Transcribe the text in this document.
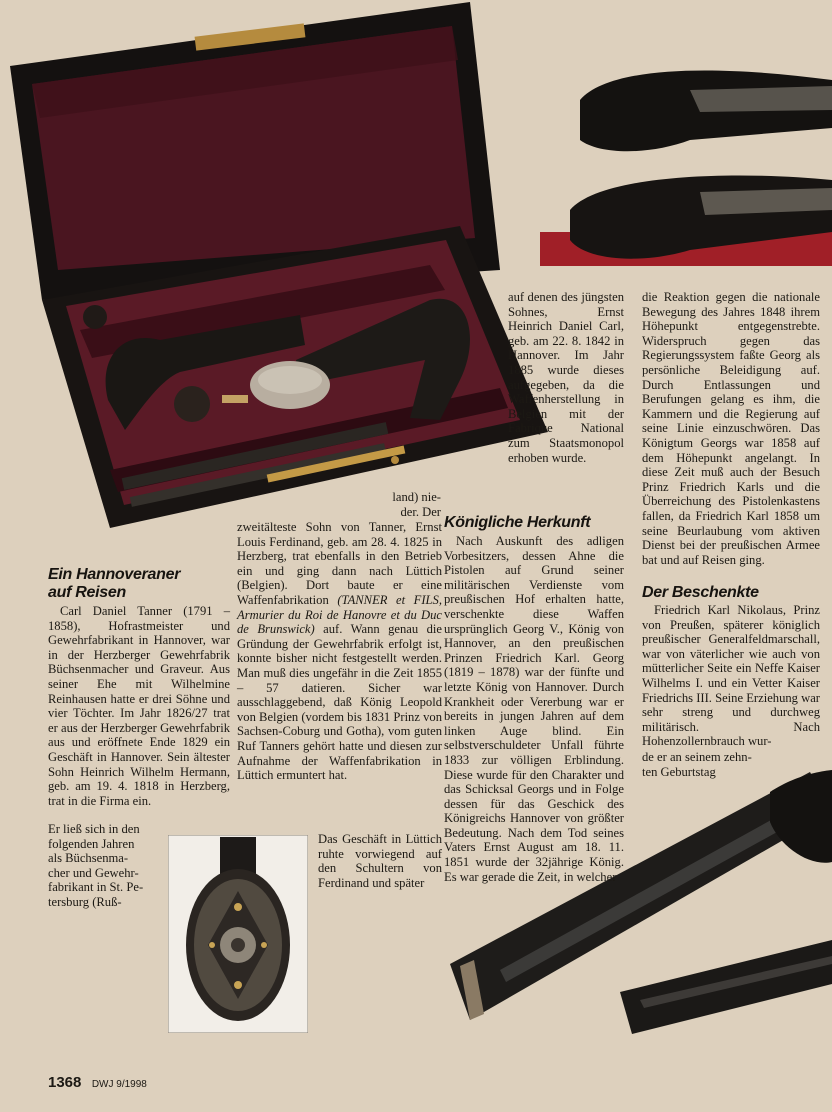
auf denen des jüngsten Sohnes, Ernst Heinrich Daniel Carl, geb. am 22. 8. 1842 in Hannover. Im Jahr 1885 wurde dieses aufgegeben, da die Waffenherstellung in Belgien mit der Fabrique National zum Staatsmonopol erhoben wurde.
land) nie-
der. Der
zweitälteste Sohn von Tanner, Ernst Louis Ferdinand, geb. am 28. 4. 1825 in Herzberg, trat ebenfalls in den Betrieb ein und ging dann nach Lüttich (Belgien). Dort baute er eine Waffenfabrikation (TANNER et FILS, Armurier du Roi de Hanovre et du Duc de Brunswick) auf. Wann genau die Gründung der Gewehrfabrik erfolgt ist, konnte bisher nicht festgestellt werden. Man muß dies ungefähr in die Zeit 1855 – 57 datieren. Sicher war ausschlaggebend, daß König Leopold von Belgien (vordem bis 1831 Prinz von Sachsen-Coburg und Gotha), vom guten Ruf Tanners gehört hatte und diesen zur Aufnahme der Waffenfabrikation in Lüttich ermuntert hat.
Das Geschäft in Lüttich ruhte vorwiegend auf den Schultern von Ferdinand und später
Ein Hannoveraner
auf Reisen
Carl Daniel Tanner (1791 – 1858), Hofrastmeister und Gewehrfabrikant in Hannover, war in der Herzberger Gewehrfabrik Büchsenmacher und Graveur. Aus seiner Ehe mit Wilhelmine Reinhausen hatte er drei Söhne und vier Töchter. Im Jahr 1826/27 trat er aus der Herzberger Gewehrfabrik aus und eröffnete Ende 1829 ein Geschäft in Hannover. Sein ältester Sohn Heinrich Wilhelm Hermann, geb. am 19. 4. 1818 in Herzberg, trat in die Firma ein.
Er ließ sich in den
folgenden Jahren
als Büchsenma-
cher und Gewehr-
fabrikant in St. Pe-
tersburg (Ruß-
Königliche Herkunft
Nach Auskunft des adligen Vorbesitzers, dessen Ahne die Pistolen auf Grund seiner militärischen Verdienste vom preußischen Hof erhalten hatte, verschenkte diese Waffen ursprünglich Georg V., König von Hannover, an den preußischen Prinzen Friedrich Karl. Georg (1819 – 1878) war der fünfte und letzte König von Hannover. Durch Krankheit oder Vererbung war er bereits in jungen Jahren auf dem linken Auge blind. Ein selbstverschuldeter Unfall führte 1833 zur völligen Erblindung. Diese wurde für den Charakter und das Schicksal Georgs und in Folge dessen für das Geschick des Königreichs Hannover von größter Bedeutung. Nach dem Tod seines Vaters Ernst August am 18. 11. 1851 wurde der 32jährige König. Es war gerade die Zeit, in welcher
die Reaktion gegen die nationale Bewegung des Jahres 1848 ihrem Höhepunkt entgegenstrebte. Widerspruch gegen das Regierungssystem faßte Georg als persönliche Beleidigung auf. Durch Entlassungen und Berufungen gelang es ihm, die Kammern und die Regierung auf seine Linie einzuschwören. Das Königtum Georgs war 1858 auf dem Höhepunkt angelangt. In diese Zeit muß auch der Besuch Prinz Friedrich Karls und die Überreichung des Pistolenkastens fallen, da Friedrich Karl 1858 um seine Beurlaubung vom aktiven Dienst bei der preußischen Armee bat und auf Reisen ging.
Der Beschenkte
Friedrich Karl Nikolaus, Prinz von Preußen, späterer königlich preußischer Generalfeldmarschall, war von väterlicher wie auch von mütterlicher Seite ein Neffe Kaiser Wilhelms I. und ein Vetter Kaiser Friedrichs III. Seine Erziehung war sehr streng und durchweg militärisch. Nach Hohenzollernbrauch wur-
de er an seinem zehn-
ten Geburtstag
1368 DWJ 9/1998
